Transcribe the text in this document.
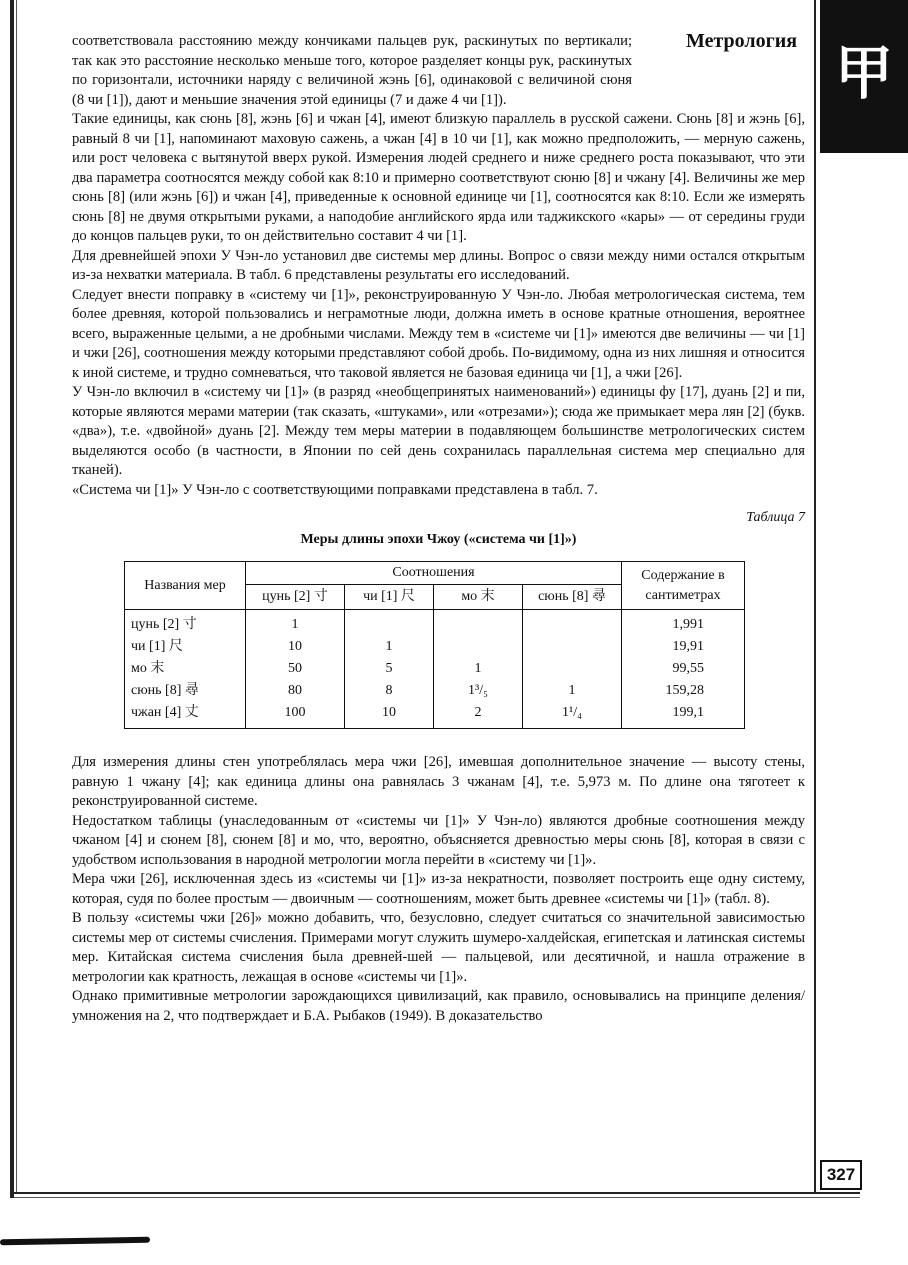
甲
Метрология
327

соответствовала расстоянию между кончиками пальцев рук, раскинутых по вертикали; так как это расстояние несколько меньше того, которое разделяет концы рук, раскинутых по горизонтали, источники наряду с величиной жэнь [6], одинаковой с величиной сюня (8 чи [1]), дают и меньшие значения этой единицы (7 и даже 4 чи [1]).

Такие единицы, как сюнь [8], жэнь [6] и чжан [4], имеют близкую параллель в русской сажени. Сюнь [8] и жэнь [6], равный 8 чи [1], напоминают маховую сажень, а чжан [4] в 10 чи [1], как можно предположить, — мерную сажень, или рост человека с вытянутой вверх рукой. Измерения людей среднего и ниже среднего роста показывают, что эти два параметра соотносятся между собой как 8:10 и примерно соответствуют сюню [8] и чжану [4]. Величины же мер сюнь [8] (или жэнь [6]) и чжан [4], приведенные к основной единице чи [1], соотносятся как 8:10. Если же измерять сюнь [8] не двумя открытыми руками, а наподобие английского ярда или таджикского «кары» — от середины груди до концов пальцев руки, то он действительно составит 4 чи [1].

Для древнейшей эпохи У Чэн-ло установил две системы мер длины. Вопрос о связи между ними остался открытым из-за нехватки материала. В табл. 6 представлены результаты его исследований.

Следует внести поправку в «систему чи [1]», реконструированную У Чэн-ло. Любая метрологическая система, тем более древняя, которой пользовались и неграмотные люди, должна иметь в основе кратные отношения, вероятнее всего, выраженные целыми, а не дробными числами. Между тем в «системе чи [1]» имеются две величины — чи [1] и чжи [26], соотношения между которыми представляют собой дробь. По-видимому, одна из них лишняя и относится к иной системе, и трудно сомневаться, что таковой является не базовая единица чи [1], а чжи [26].

У Чэн-ло включил в «систему чи [1]» (в разряд «необщепринятых наименований») единицы фу [17], дуань [2] и пи, которые являются мерами материи (так сказать, «штуками», или «отрезами»); сюда же примыкает мера лян [2] (букв. «два»), т.е. «двойной» дуань [2]. Между тем меры материи в подавляющем большинстве метрологических систем выделяются особо (в частности, в Японии по сей день сохранилась параллельная система мер специально для тканей).

«Система чи [1]» У Чэн-ло с соответствующими поправками представлена в табл. 7.

Таблица 7
Меры длины эпохи Чжоу («система чи [1]»)
Названия мер	Соотношения				Содержание в сантиметрах
	цунь [2] 寸	чи [1] 尺	мо 末	сюнь [8] 尋	
цунь [2] 寸	1				1,991
чи [1] 尺	10	1			19,91
мо 末	50	5	1		99,55
сюнь [8] 尋	80	8	1³/₅	1	159,28
чжан [4] 丈	100	10	2	1¹/₄	199,1

Для измерения длины стен употреблялась мера чжи [26], имевшая дополнительное значение — высоту стены, равную 1 чжану [4]; как единица длины она равнялась 3 чжанам [4], т.е. 5,973 м. По длине она тяготеет к реконструированной системе.

Недостатком таблицы (унаследованным от «системы чи [1]» У Чэн-ло) являются дробные соотношения между чжаном [4] и сюнем [8], сюнем [8] и мо, что, вероятно, объясняется древностью меры сюнь [8], которая в связи с удобством использования в народной метрологии могла перейти в «систему чи [1]».

Мера чжи [26], исключенная здесь из «системы чи [1]» из-за некратности, позволяет построить еще одну систему, которая, судя по более простым — двоичным — соотношениям, может быть древнее «системы чи [1]» (табл. 8).

В пользу «системы чжи [26]» можно добавить, что, безусловно, следует считаться со значительной зависимостью системы мер от системы счисления. Примерами могут служить шумеро-халдейская, египетская и латинская системы мер. Китайская система счисления была древней-шей — пальцевой, или десятичной, и нашла отражение в метрологии как кратность, лежащая в основе «системы чи [1]».

Однако примитивные метрологии зарождающихся цивилизаций, как правило, основывались на принципе деления/умножения на 2, что подтверждает и Б.А. Рыбаков (1949). В доказательство
